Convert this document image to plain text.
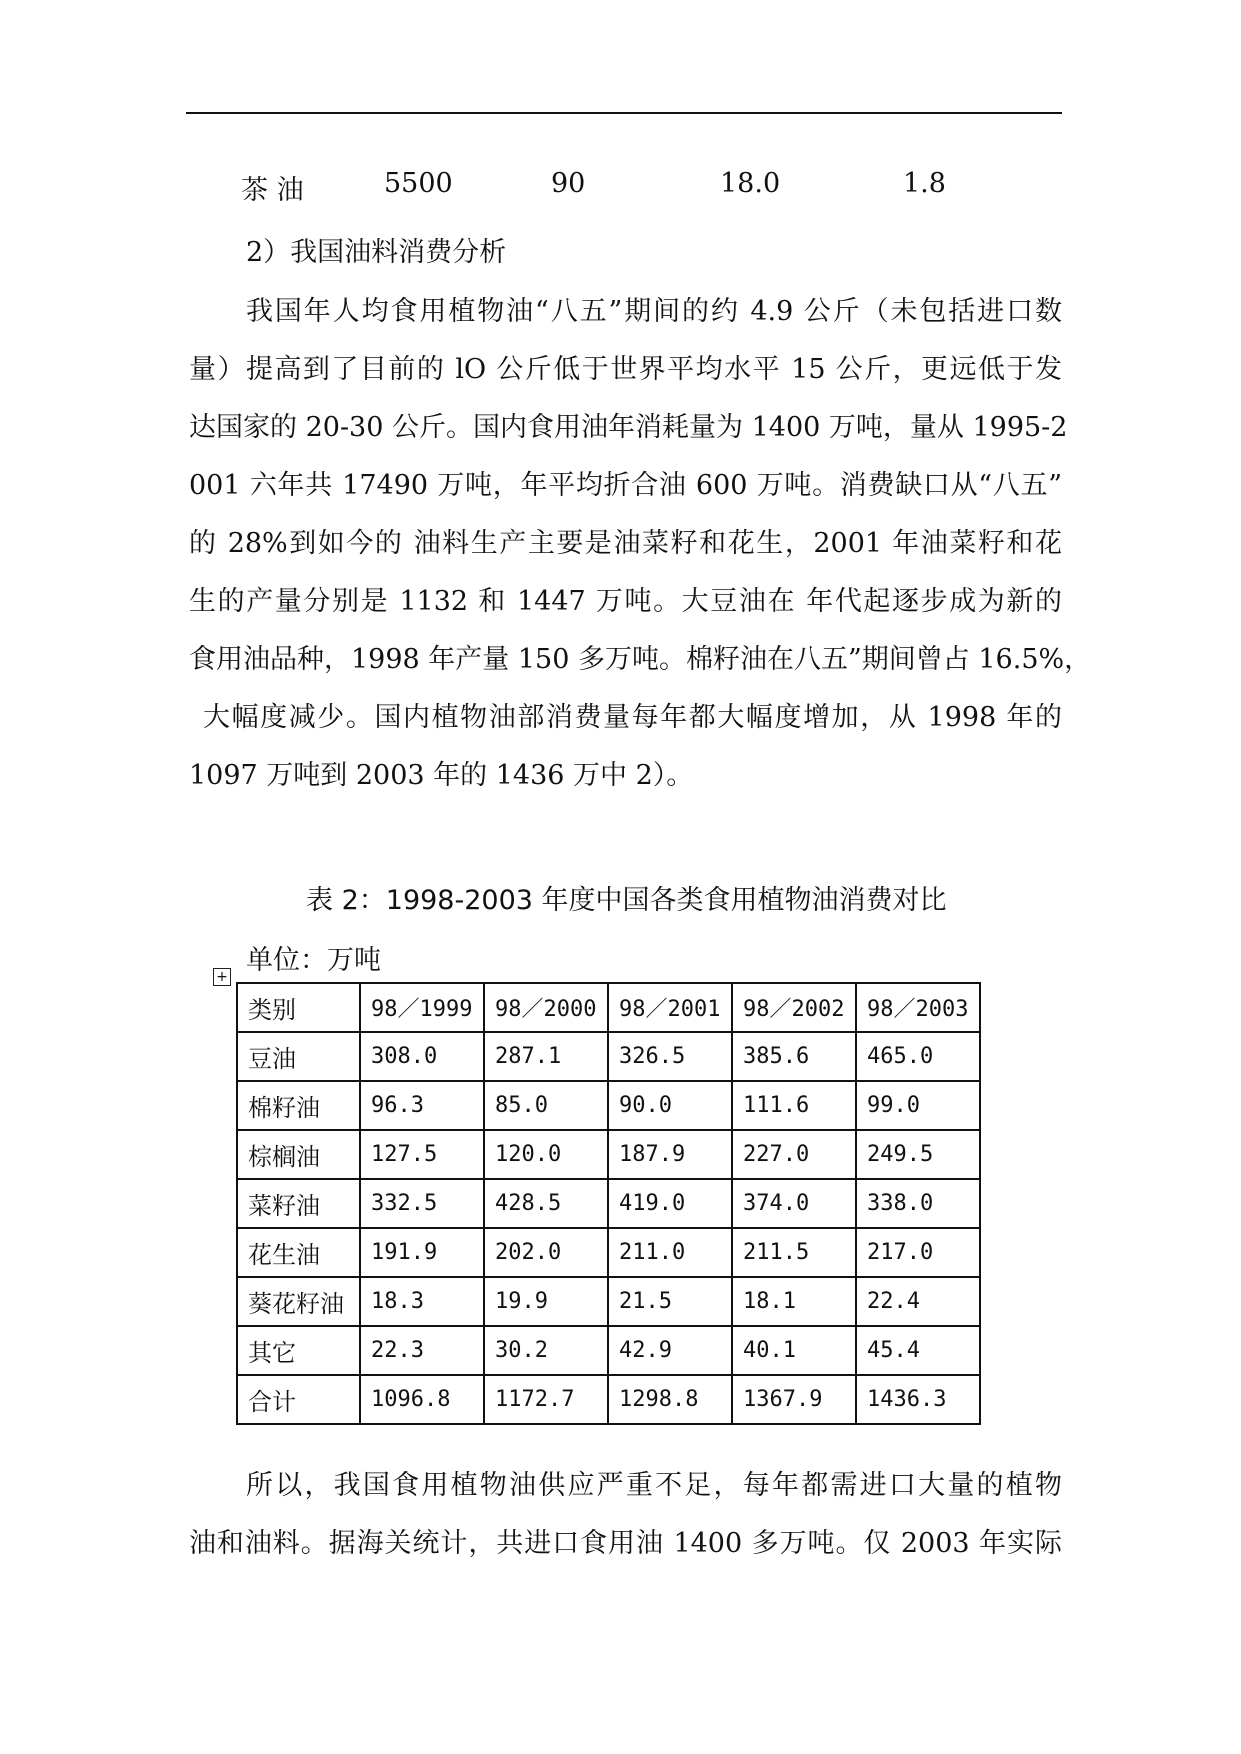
茶 油	5500	90	18.0	1.8
2）我国油料消费分析

我国年人均食用植物油“八五”期间的约 4.9 公斤（未包括进口数

量）提高到了目前的 lO 公斤低于世界平均水平 15 公斤，更远低于发

达国家的 20-30 公斤。国内食用油年消耗量为 1400 万吨，量从 1995-2

001 六年共 17490 万吨，年平均折合油 600 万吨。消费缺口从“八五”

的 28%到如今的 油料生产主要是油菜籽和花生，2001 年油菜籽和花

生的产量分别是 1132 和 1447 万吨。大豆油在 年代起逐步成为新的

食用油品种，1998 年产量 150 多万吨。棉籽油在八五”期间曾占 16.5%，

大幅度减少。国内植物油部消费量每年都大幅度增加，从 1998 年的

1097 万吨到 2003 年的 1436 万中 2）。

表 2：1998-2003 年度中国各类食用植物油消费对比
单位：万吨
+
类别	98／1999	98／2000	98／2001	98／2002	98／2003
豆油	308.0	287.1	326.5	385.6	465.0
棉籽油	96.3	85.0	90.0	111.6	99.0
棕榈油	127.5	120.0	187.9	227.0	249.5
菜籽油	332.5	428.5	419.0	374.0	338.0
花生油	191.9	202.0	211.0	211.5	217.0
葵花籽油	18.3	19.9	21.5	18.1	22.4
其它	22.3	30.2	42.9	40.1	45.4
合计	1096.8	1172.7	1298.8	1367.9	1436.3

所以，我国食用植物油供应严重不足，每年都需进口大量的植物

油和油料。据海关统计，共进口食用油 1400 多万吨。仅 2003 年实际
